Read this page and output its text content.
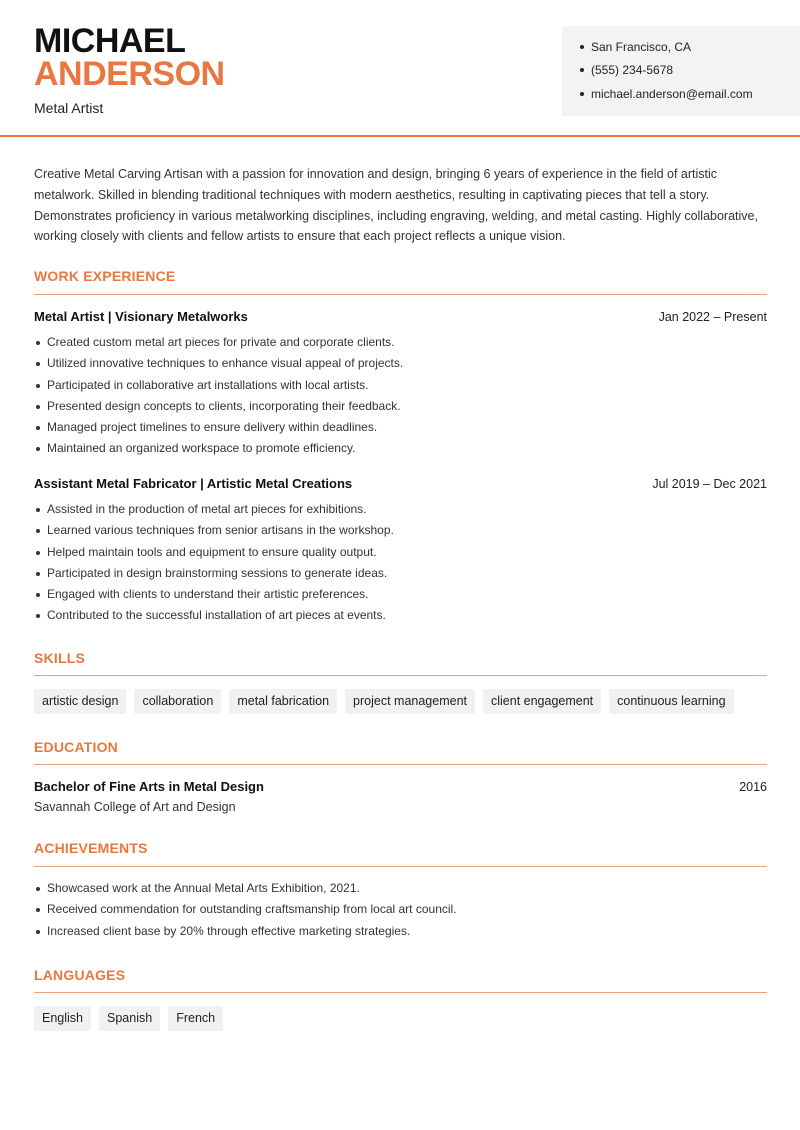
MICHAEL
ANDERSON
Metal Artist
San Francisco, CA
(555) 234-5678
michael.anderson@email.com

Creative Metal Carving Artisan with a passion for innovation and design, bringing 6 years of experience in the field of artistic metalwork. Skilled in blending traditional techniques with modern aesthetics, resulting in captivating pieces that tell a story. Demonstrates proficiency in various metalworking disciplines, including engraving, welding, and metal casting. Highly collaborative, working closely with clients and fellow artists to ensure that each project reflects a unique vision.

WORK EXPERIENCE
Metal Artist | Visionary Metalworks	Jan 2022 – Present
Created custom metal art pieces for private and corporate clients.
Utilized innovative techniques to enhance visual appeal of projects.
Participated in collaborative art installations with local artists.
Presented design concepts to clients, incorporating their feedback.
Managed project timelines to ensure delivery within deadlines.
Maintained an organized workspace to promote efficiency.
Assistant Metal Fabricator | Artistic Metal Creations	Jul 2019 – Dec 2021
Assisted in the production of metal art pieces for exhibitions.
Learned various techniques from senior artisans in the workshop.
Helped maintain tools and equipment to ensure quality output.
Participated in design brainstorming sessions to generate ideas.
Engaged with clients to understand their artistic preferences.
Contributed to the successful installation of art pieces at events.
SKILLS
artistic design	collaboration	metal fabrication	project management	client engagement	continuous learning
EDUCATION
Bachelor of Fine Arts in Metal Design	2016
Savannah College of Art and Design
ACHIEVEMENTS
Showcased work at the Annual Metal Arts Exhibition, 2021.
Received commendation for outstanding craftsmanship from local art council.
Increased client base by 20% through effective marketing strategies.
LANGUAGES
English	Spanish	French
